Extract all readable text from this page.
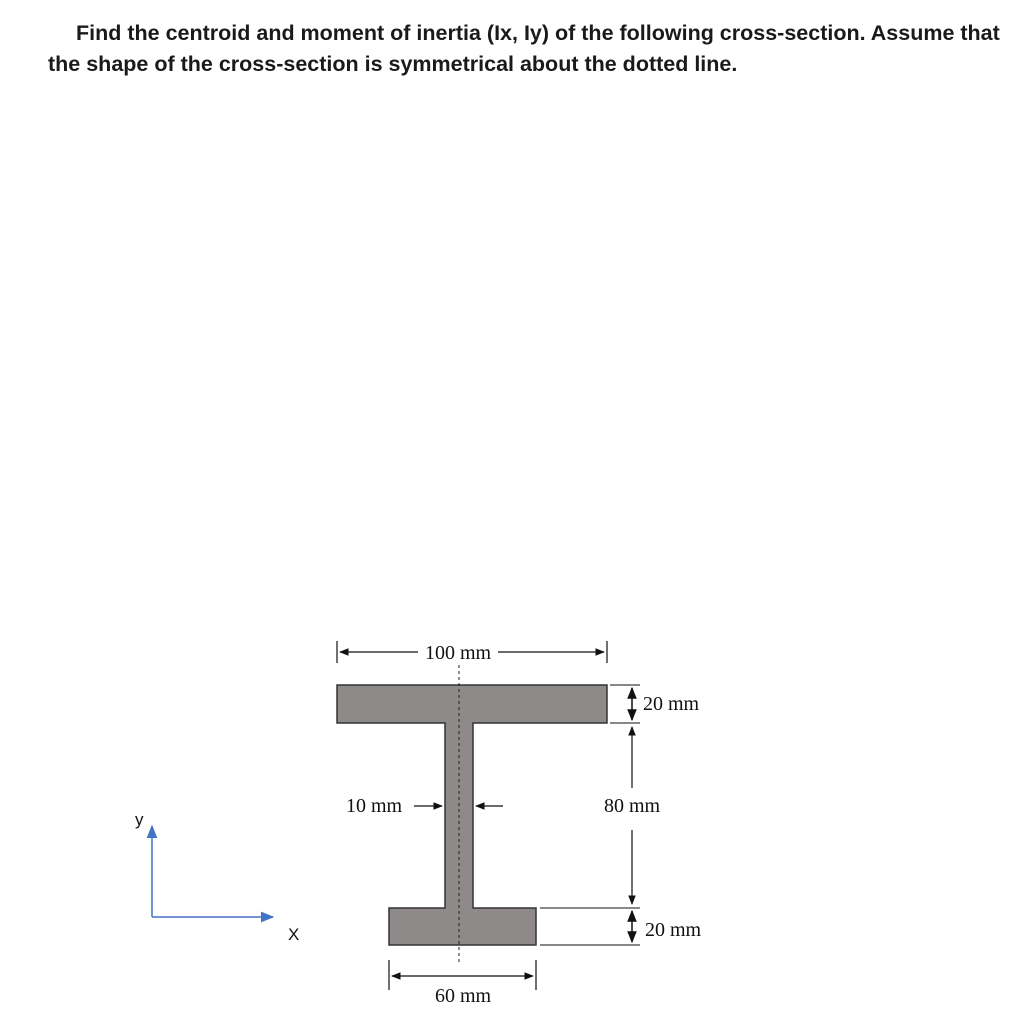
Find the centroid and moment of inertia (Ix, Iy) of the following cross-section. Assume that the shape of the cross-section is symmetrical about the dotted line.
100 mm
20 mm
80 mm
20 mm
10 mm
60 mm
y
X
